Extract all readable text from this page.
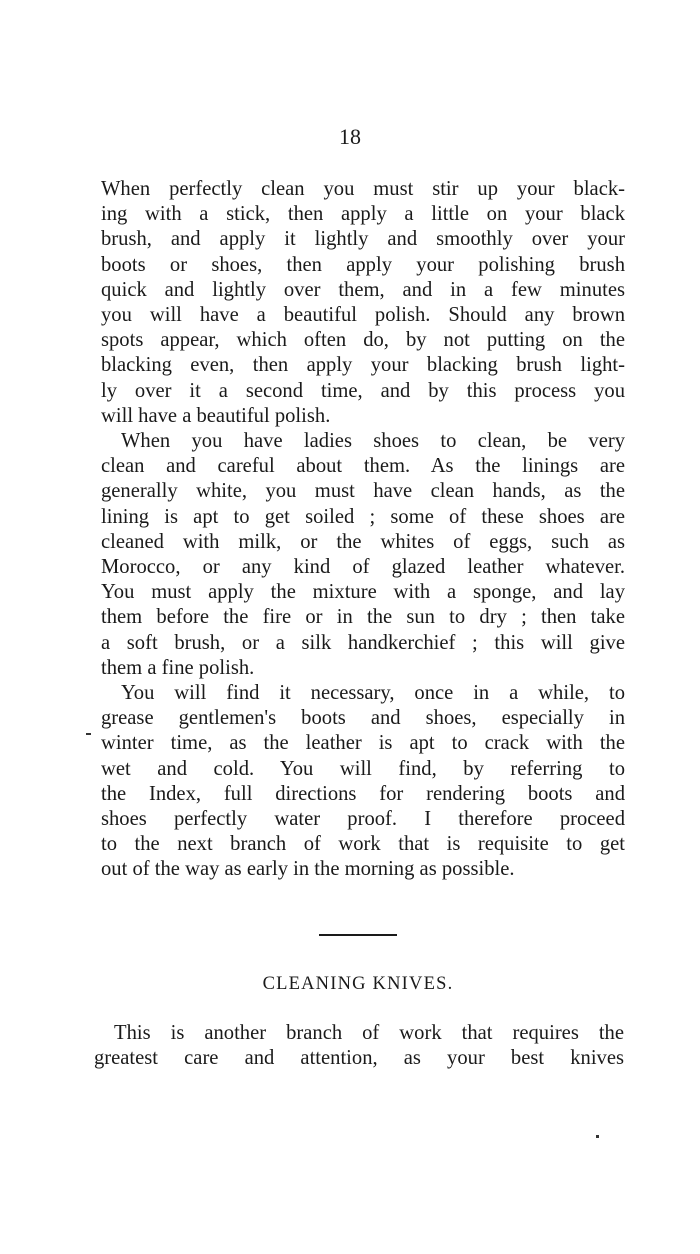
18
When perfectly clean you must stir up your black-
ing with a stick, then apply a little on your black
brush, and apply it lightly and smoothly over your
boots or shoes, then apply your polishing brush
quick and lightly over them, and in a few minutes
you will have a beautiful polish. Should any brown
spots appear, which often do, by not putting on the
blacking even, then apply your blacking brush light-
ly over it a second time, and by this process you
will have a beautiful polish.
When you have ladies shoes to clean, be very
clean and careful about them. As the linings are
generally white, you must have clean hands, as the
lining is apt to get soiled ; some of these shoes are
cleaned with milk, or the whites of eggs, such as
Morocco, or any kind of glazed leather whatever.
You must apply the mixture with a sponge, and lay
them before the fire or in the sun to dry ; then take
a soft brush, or a silk handkerchief ; this will give
them a fine polish.
You will find it necessary, once in a while, to
grease gentlemen's boots and shoes, especially in
winter time, as the leather is apt to crack with the
wet and cold. You will find, by referring to
the Index, full directions for rendering boots and
shoes perfectly water proof. I therefore proceed
to the next branch of work that is requisite to get
out of the way as early in the morning as possible.
CLEANING KNIVES.
This is another branch of work that requires the
greatest care and attention, as your best knives
